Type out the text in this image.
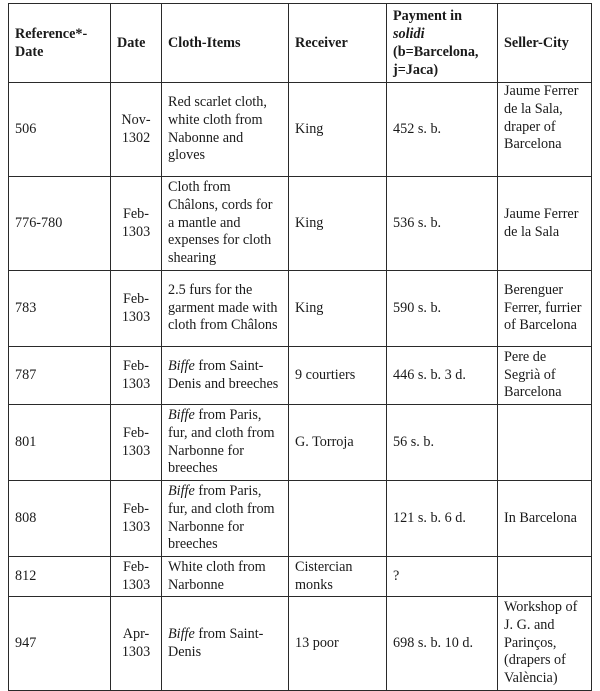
Reference*-Date	Date	Cloth-Items	Receiver	Payment in
solidi
(b=Barcelona, j=Jaca)	Seller-City
506	Nov-1302	Red scarlet cloth, white cloth from Nabonne and gloves	King	452 s. b.	Jaume Ferrer de la Sala, draper of Barcelona
776-780	Feb-1303	Cloth from Châlons, cords for a mantle and expenses for cloth shearing	King	536 s. b.	Jaume Ferrer de la Sala
783	Feb-1303	2.5 furs for the garment made with cloth from Châlons	King	590 s. b.	Berenguer Ferrer, furrier of Barcelona
787	Feb-1303	Biffe from Saint-Denis and breeches	9 courtiers	446 s. b. 3 d.	Pere de Segrià of Barcelona
801	Feb-1303	Biffe from Paris, fur, and cloth from Narbonne for breeches	G. Torroja	56 s. b.	
808	Feb-1303	Biffe from Paris, fur, and cloth from Narbonne for breeches		121 s. b. 6 d.	In Barcelona
812	Feb-1303	White cloth from Narbonne	Cistercian monks	?	
947	Apr-1303	Biffe from Saint-Denis	13 poor	698 s. b. 10 d.	Workshop of J. G. and Parinços, (drapers of València)
